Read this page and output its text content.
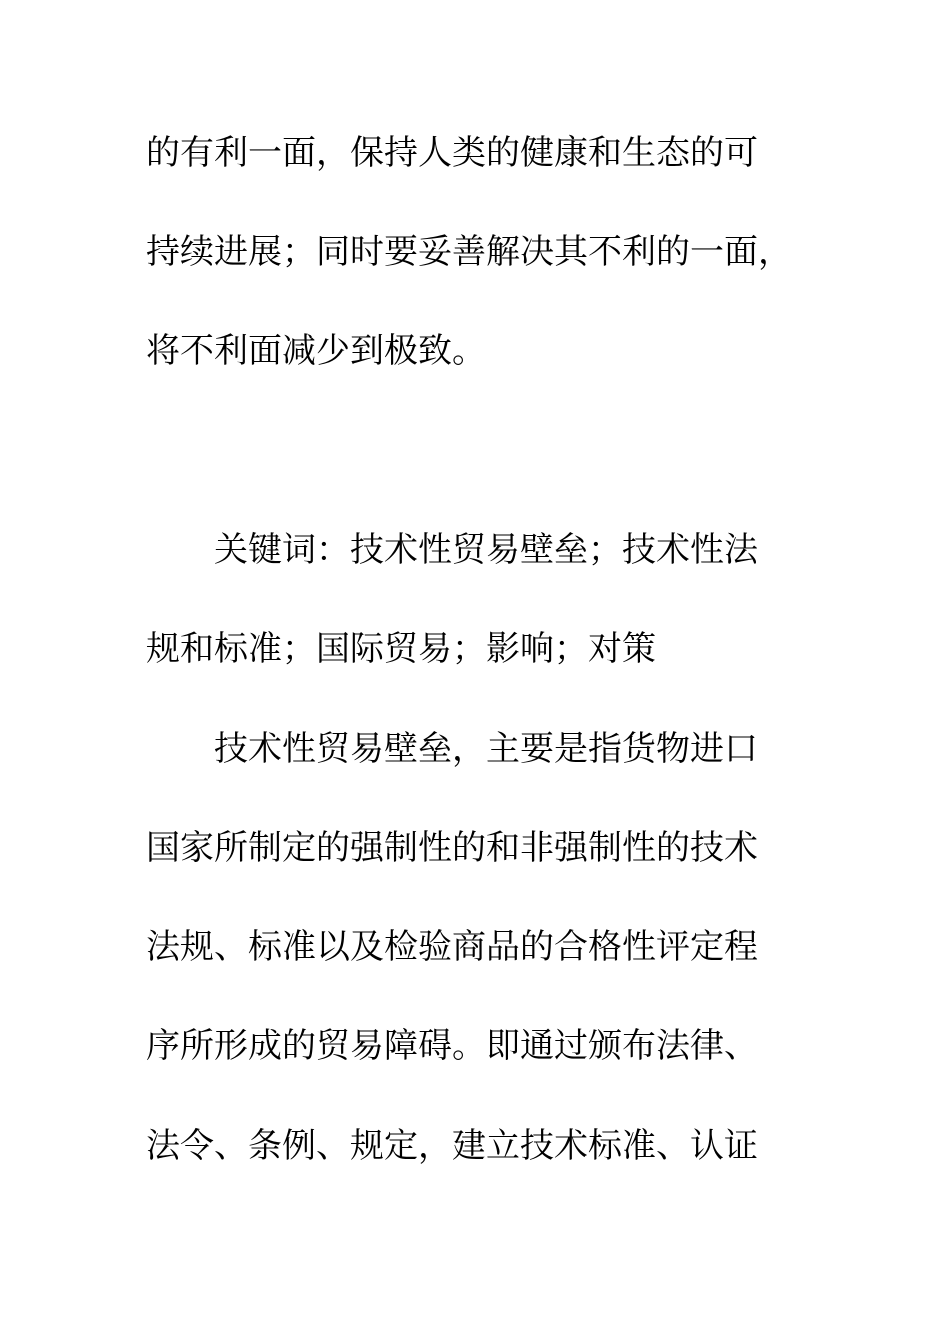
的有利一面，保持人类的健康和生态的可
持续进展；同时要妥善解决其不利的一面，
将不利面减少到极致。
关键词：技术性贸易壁垒；技术性法
规和标准；国际贸易；影响；对策
技术性贸易壁垒，主要是指货物进口
国家所制定的强制性的和非强制性的技术
法规、标准以及检验商品的合格性评定程
序所形成的贸易障碍。即通过颁布法律、
法令、条例、规定，建立技术标准、认证
